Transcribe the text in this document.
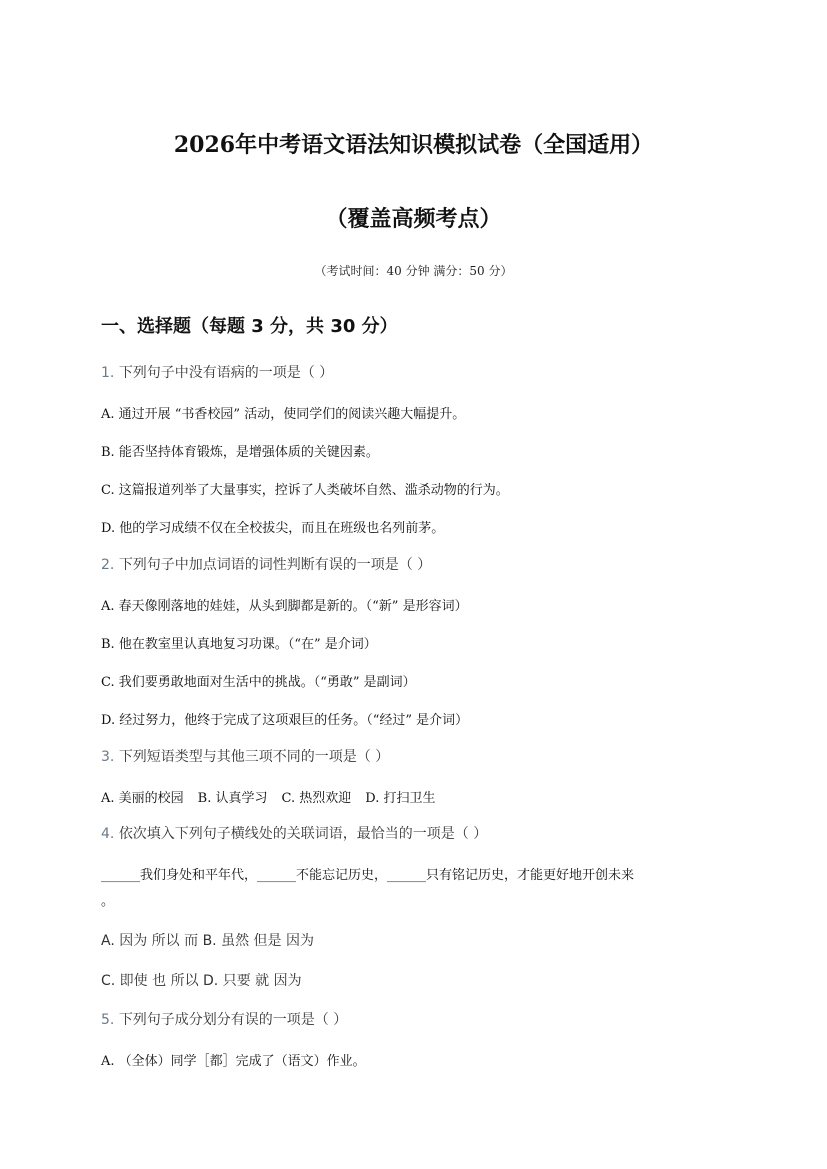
2026年中考语文语法知识模拟试卷（全国适用）
（覆盖高频考点）
（考试时间：40 分钟 满分：50 分）
一、选择题（每题 3 分，共 30 分）
1. 下列句子中没有语病的一项是（ ）
A. 通过开展 “书香校园” 活动，使同学们的阅读兴趣大幅提升。
B. 能否坚持体育锻炼，是增强体质的关键因素。
C. 这篇报道列举了大量事实，控诉了人类破坏自然、滥杀动物的行为。
D. 他的学习成绩不仅在全校拔尖，而且在班级也名列前茅。
2. 下列句子中加点词语的词性判断有误的一项是（ ）
A. 春天像刚落地的娃娃，从头到脚都是新的。（“新” 是形容词）
B. 他在教室里认真地复习功课。（“在” 是介词）
C. 我们要勇敢地面对生活中的挑战。（“勇敢” 是副词）
D. 经过努力，他终于完成了这项艰巨的任务。（“经过” 是介词）
3. 下列短语类型与其他三项不同的一项是（ ）
A. 美丽的校园 B. 认真学习 C. 热烈欢迎 D. 打扫卫生
4. 依次填入下列句子横线处的关联词语，最恰当的一项是（ ）
______我们身处和平年代，______不能忘记历史，______只有铭记历史，才能更好地开创未来
。
A. 因为 所以 而 B. 虽然 但是 因为
C. 即使 也 所以 D. 只要 就 因为
5. 下列句子成分划分有误的一项是（ ）
A. （全体）同学［都］完成了（语文）作业。
